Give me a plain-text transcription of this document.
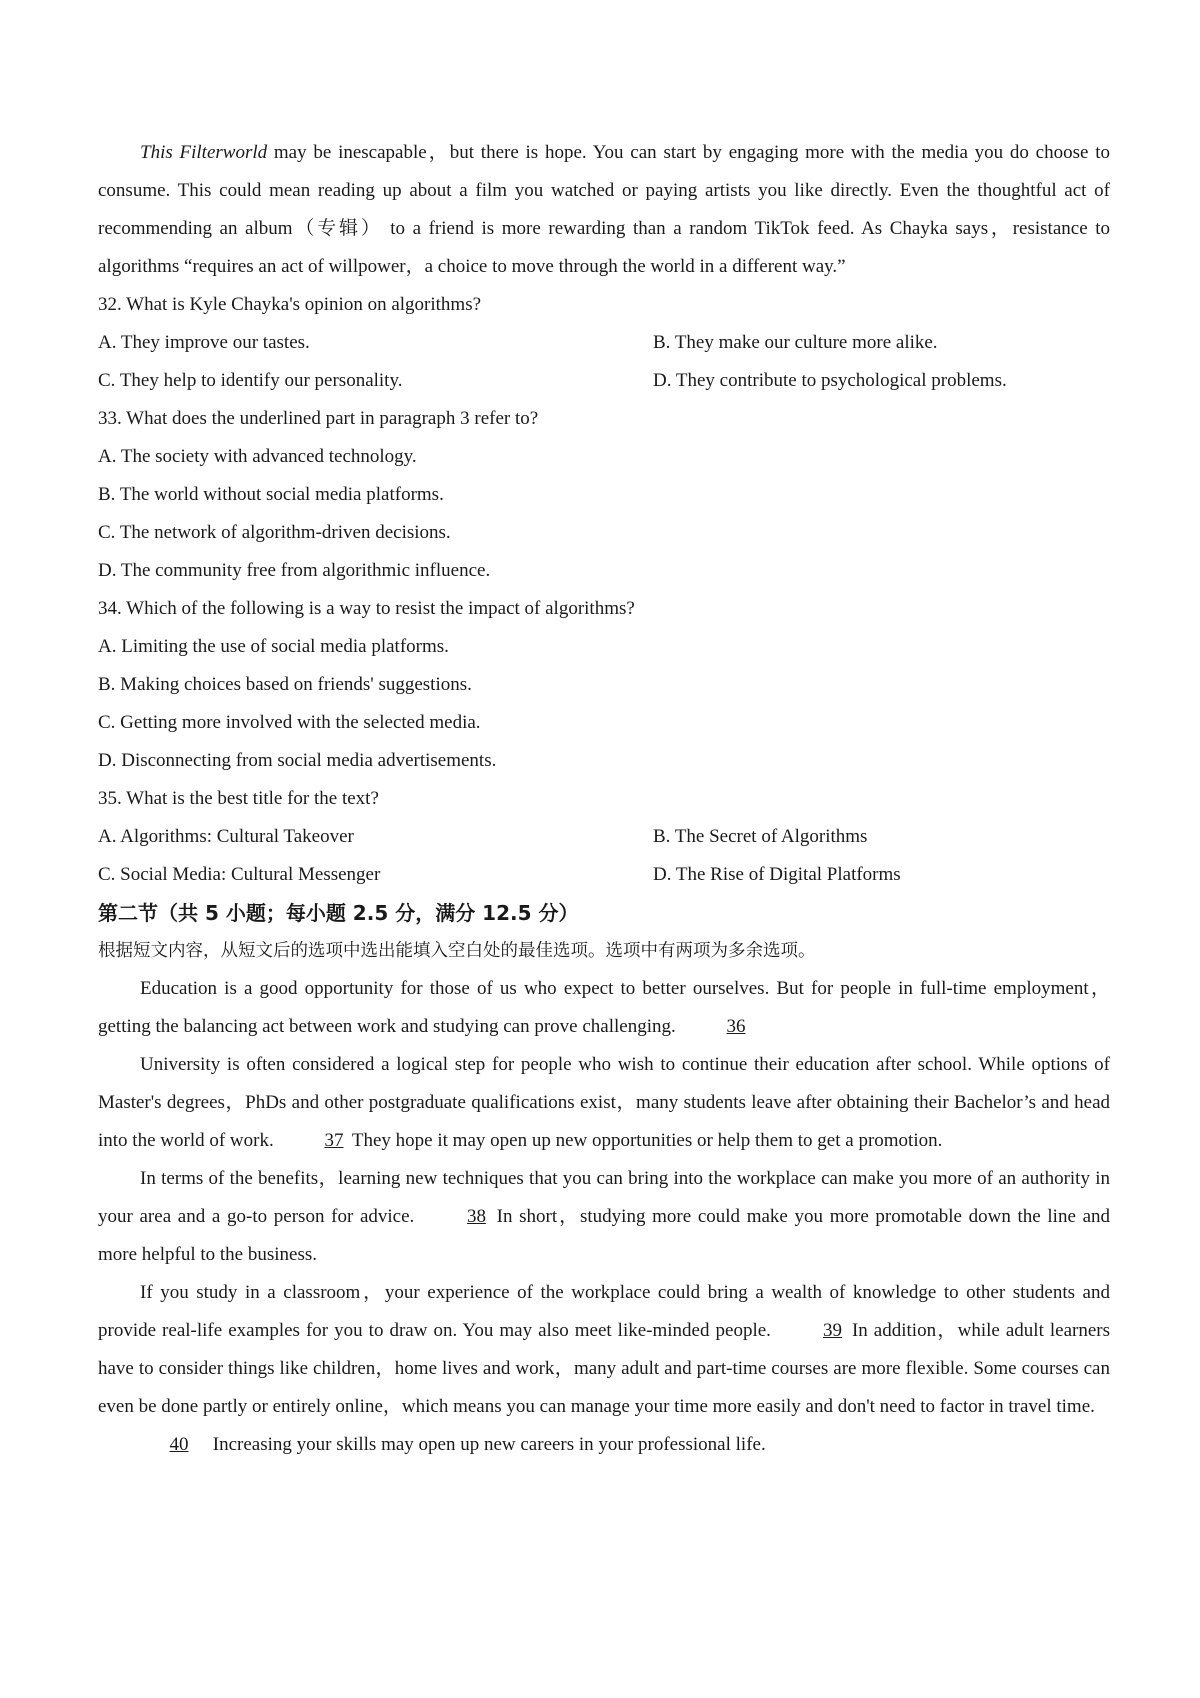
This Filterworld may be inescapable，but there is hope. You can start by engaging more with the media you do choose to consume. This could mean reading up about a film you watched or paying artists you like directly. Even the thoughtful act of recommending an album（专辑） to a friend is more rewarding than a random TikTok feed. As Chayka says，resistance to algorithms “requires an act of willpower，a choice to move through the world in a different way.”

32. What is Kyle Chayka's opinion on algorithms?

A. They improve our tastes.	B. They make our culture more alike.
C. They help to identify our personality.	D. They contribute to psychological problems.

33. What does the underlined part in paragraph 3 refer to?

A. The society with advanced technology.

B. The world without social media platforms.

C. The network of algorithm-driven decisions.

D. The community free from algorithmic influence.

34. Which of the following is a way to resist the impact of algorithms?

A. Limiting the use of social media platforms.

B. Making choices based on friends' suggestions.

C. Getting more involved with the selected media.

D. Disconnecting from social media advertisements.

35. What is the best title for the text?

A. Algorithms: Cultural Takeover	B. The Secret of Algorithms
C. Social Media: Cultural Messenger	D. The Rise of Digital Platforms

第二节（共 5 小题；每小题 2.5 分，满分 12.5 分）

根据短文内容，从短文后的选项中选出能填入空白处的最佳选项。选项中有两项为多余选项。

Education is a good opportunity for those of us who expect to better ourselves. But for people in full-time employment，getting the balancing act between work and studying can prove challenging. 36

University is often considered a logical step for people who wish to continue their education after school. While options of Master's degrees，PhDs and other postgraduate qualifications exist，many students leave after obtaining their Bachelor’s and head into the world of work. 37 They hope it may open up new opportunities or help them to get a promotion.

In terms of the benefits，learning new techniques that you can bring into the workplace can make you more of an authority in your area and a go-to person for advice. 38 In short，studying more could make you more promotable down the line and more helpful to the business.

If you study in a classroom，your experience of the workplace could bring a wealth of knowledge to other students and provide real-life examples for you to draw on. You may also meet like-minded people. 39 In addition，while adult learners have to consider things like children，home lives and work，many adult and part-time courses are more flexible. Some courses can even be done partly or entirely online，which means you can manage your time more easily and don't need to factor in travel time.

40 Increasing your skills may open up new careers in your professional life.
